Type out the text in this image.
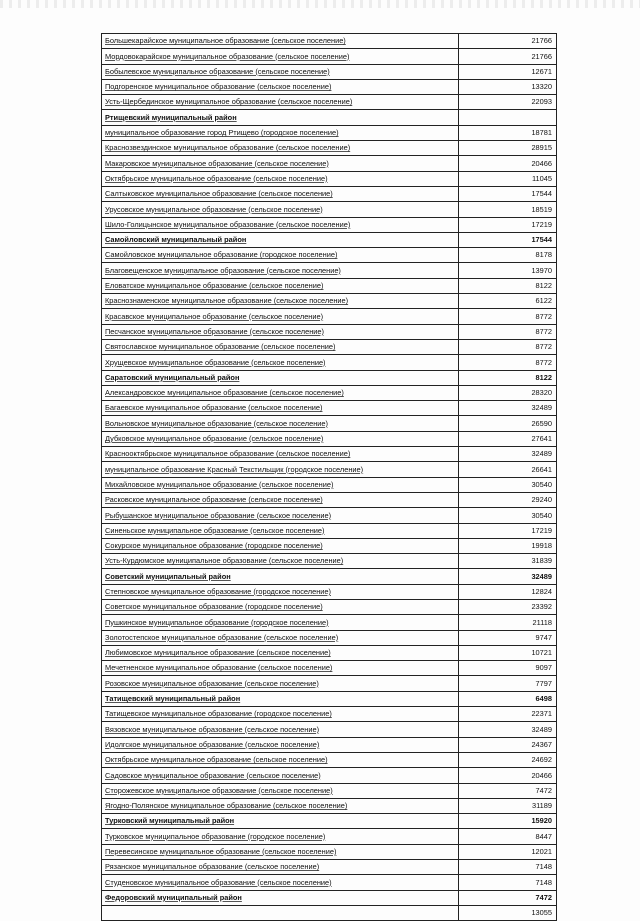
Большекарайское муниципальное образование (сельское поселение)	21766
Мордовокарайское муниципальное образование (сельское поселение)	21766
Бобылевское муниципальное образование (сельское поселение)	12671
Подгоренское муниципальное образование (сельское поселение)	13320
Усть-Щербединское муниципальное образование (сельское поселение)	22093
Ртищевский муниципальный район	
муниципальное образование город Ртищево (городское поселение)	18781
Краснозвездинское муниципальное образование (сельское поселение)	28915
Макаровское муниципальное образование (сельское поселение)	20466
Октябрьское муниципальное образование (сельское поселение)	11045
Салтыковское муниципальное образование (сельское поселение)	17544
Урусовское муниципальное образование (сельское поселение)	18519
Шило-Голицынское муниципальное образование (сельское поселение)	17219
Самойловский муниципальный район	17544
Самойловское муниципальное образование (городское поселение)	8178
Благовещенское муниципальное образование (сельское поселение)	13970
Еловатское муниципальное образование (сельское поселение)	8122
Краснознаменское муниципальное образование (сельское поселение)	6122
Красавское муниципальное образование (сельское поселение)	8772
Песчанское муниципальное образование (сельское поселение)	8772
Святославское муниципальное образование (сельское поселение)	8772
Хрущевское муниципальное образование (сельское поселение)	8772
Саратовский муниципальный район	8122
Александровское муниципальное образование (сельское поселение)	28320
Багаевское муниципальное образование (сельское поселение)	32489
Вольновское муниципальное образование (сельское поселение)	26590
Дубковское муниципальное образование (сельское поселение)	27641
Краснооктябрьское муниципальное образование (сельское поселение)	32489
муниципальное образование Красный Текстильщик (городское поселение)	26641
Михайловское муниципальное образование (сельское поселение)	30540
Расковское муниципальное образование (сельское поселение)	29240
Рыбушанское муниципальное образование (сельское поселение)	30540
Синеньское муниципальное образование (сельское поселение)	17219
Сокурское муниципальное образование (городское поселение)	19918
Усть-Курдюмское муниципальное образование (сельское поселение)	31839
Советский муниципальный район	32489
Степновское муниципальное образование (городское поселение)	12824
Советское муниципальное образование (городское поселение)	23392
Пушкинское муниципальное образование (городское поселение)	21118
Золотостепское муниципальное образование (сельское поселение)	9747
Любимовское муниципальное образование (сельское поселение)	10721
Мечетненское муниципальное образование (сельское поселение)	9097
Розовское муниципальное образование (сельское поселение)	7797
Татищевский муниципальный район	6498
Татищевское муниципальное образование (городское поселение)	22371
Вязовское муниципальное образование (сельское поселение)	32489
Идолгское муниципальное образование (сельское поселение)	24367
Октябрьское муниципальное образование (сельское поселение)	24692
Садовское муниципальное образование (сельское поселение)	20466
Сторожевское муниципальное образование (сельское поселение)	7472
Ягодно-Полянское муниципальное образование (сельское поселение)	31189
Турковский муниципальный район	15920
Турковское муниципальное образование (городское поселение)	8447
Перевесинское муниципальное образование (сельское поселение)	12021
Рязанское муниципальное образование (сельское поселение)	7148
Студеновское муниципальное образование (сельское поселение)	7148
Федоровский муниципальный район	7472
	13055
